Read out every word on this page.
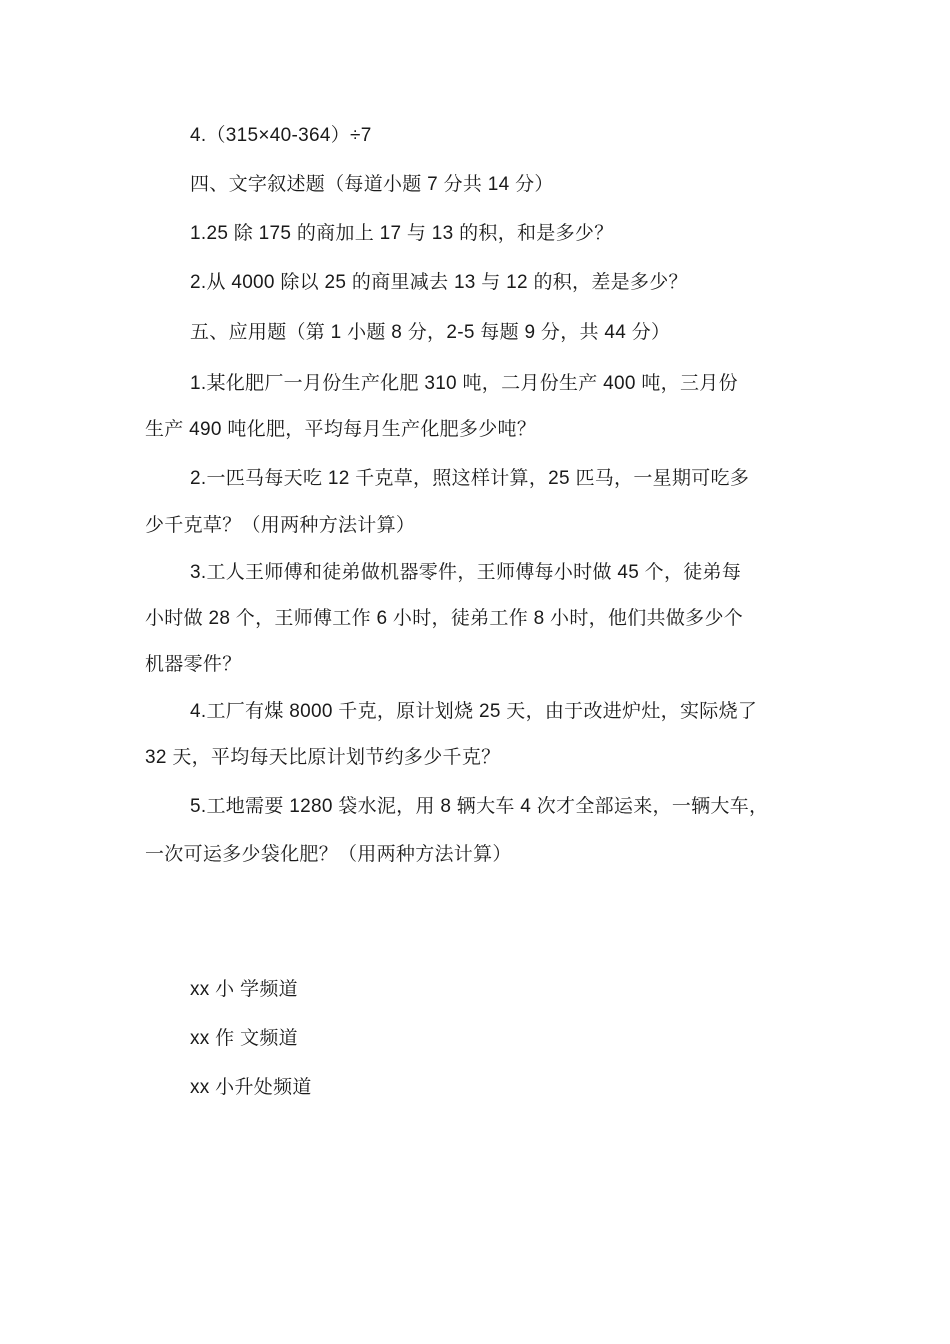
4.（315×40-364）÷7
四、文字叙述题（每道小题 7 分共 14 分）
1.25 除 175 的商加上 17 与 13 的积，和是多少？
2.从 4000 除以 25 的商里减去 13 与 12 的积，差是多少？
五、应用题（第 1 小题 8 分，2-5 每题 9 分，共 44 分）
1.某化肥厂一月份生产化肥 310 吨，二月份生产 400 吨，三月份
生产 490 吨化肥，平均每月生产化肥多少吨？
2.一匹马每天吃 12 千克草，照这样计算，25 匹马，一星期可吃多
少千克草？（用两种方法计算）
3.工人王师傅和徒弟做机器零件，王师傅每小时做 45 个，徒弟每
小时做 28 个，王师傅工作 6 小时，徒弟工作 8 小时，他们共做多少个
机器零件？
4.工厂有煤 8000 千克，原计划烧 25 天，由于改进炉灶，实际烧了
32 天，平均每天比原计划节约多少千克？
5.工地需要 1280 袋水泥，用 8 辆大车 4 次才全部运来，一辆大车，
一次可运多少袋化肥？（用两种方法计算）
xx 小 学频道
xx 作 文频道
xx 小升处频道
